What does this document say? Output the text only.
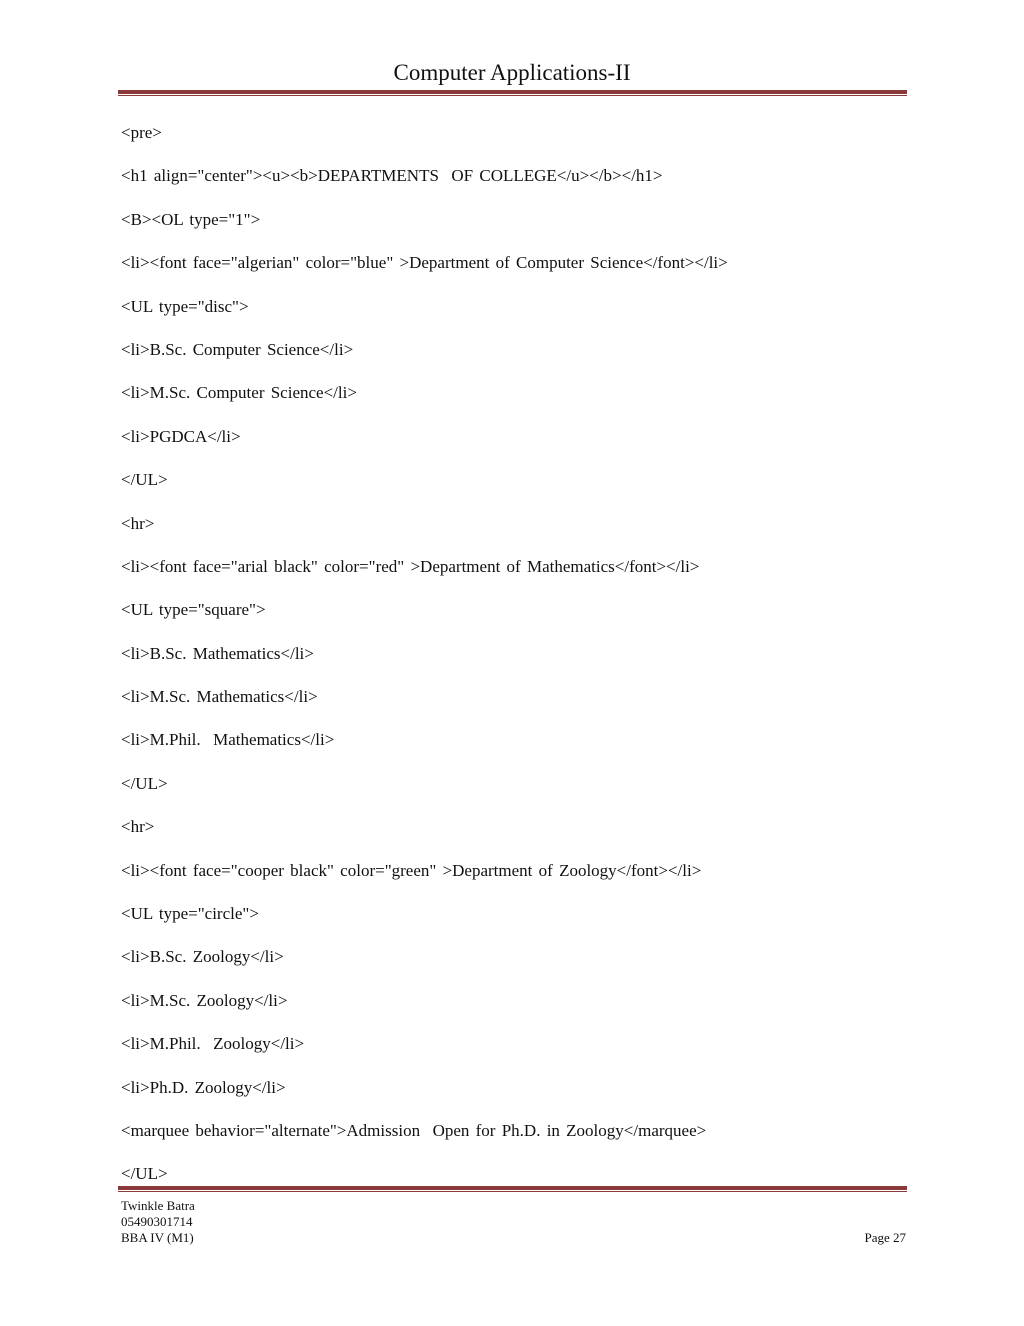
Computer Applications-II
<pre>
<h1 align="center"><u><b>DEPARTMENTS  OF COLLEGE</u></b></h1>
<B><OL type="1">
<li><font face="algerian" color="blue" >Department of Computer Science</font></li>
<UL type="disc">
<li>B.Sc. Computer Science</li>
<li>M.Sc. Computer Science</li>
<li>PGDCA</li>
</UL>
<hr>
<li><font face="arial black" color="red" >Department of Mathematics</font></li>
<UL type="square">
<li>B.Sc. Mathematics</li>
<li>M.Sc. Mathematics</li>
<li>M.Phil.  Mathematics</li>
</UL>
<hr>
<li><font face="cooper black" color="green" >Department of Zoology</font></li>
<UL type="circle">
<li>B.Sc. Zoology</li>
<li>M.Sc. Zoology</li>
<li>M.Phil.  Zoology</li>
<li>Ph.D. Zoology</li>
<marquee behavior="alternate">Admission  Open for Ph.D. in Zoology</marquee>
</UL>
Twinkle Batra
05490301714
BBA IV (M1)	Page 27
